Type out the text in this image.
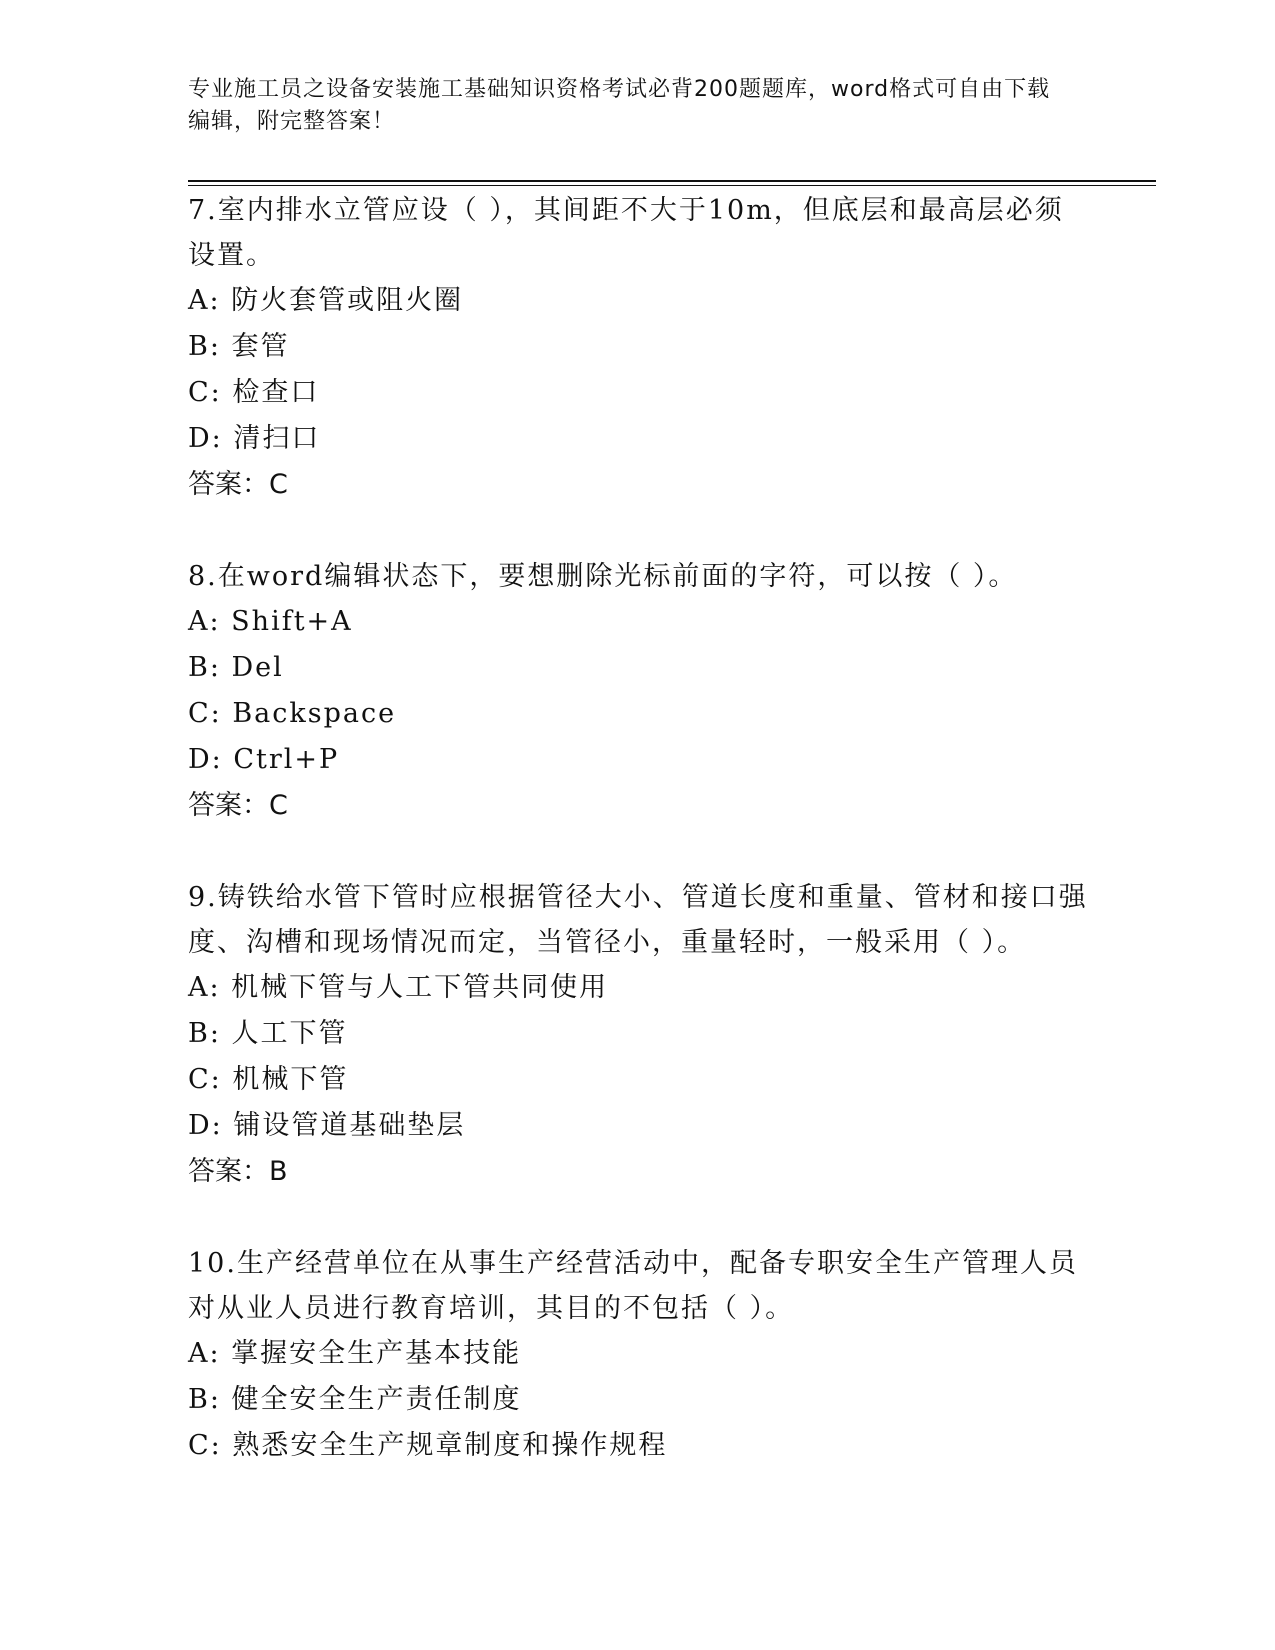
专业施工员之设备安装施工基础知识资格考试必背200题题库，word格式可自由下载编辑，附完整答案！
7.室内排水立管应设（ ），其间距不大于10m，但底层和最高层必须设置。
A: 防火套管或阻火圈
B: 套管
C: 检查口
D: 清扫口
答案：C
8.在word编辑状态下，要想删除光标前面的字符，可以按（ ）。
A: Shift+A
B: Del
C: Backspace
D: Ctrl+P
答案：C
9.铸铁给水管下管时应根据管径大小、管道长度和重量、管材和接口强度、沟槽和现场情况而定，当管径小，重量轻时，一般采用（ ）。
A: 机械下管与人工下管共同使用
B: 人工下管
C: 机械下管
D: 铺设管道基础垫层
答案：B
10.生产经营单位在从事生产经营活动中，配备专职安全生产管理人员对从业人员进行教育培训，其目的不包括（ ）。
A: 掌握安全生产基本技能
B: 健全安全生产责任制度
C: 熟悉安全生产规章制度和操作规程
